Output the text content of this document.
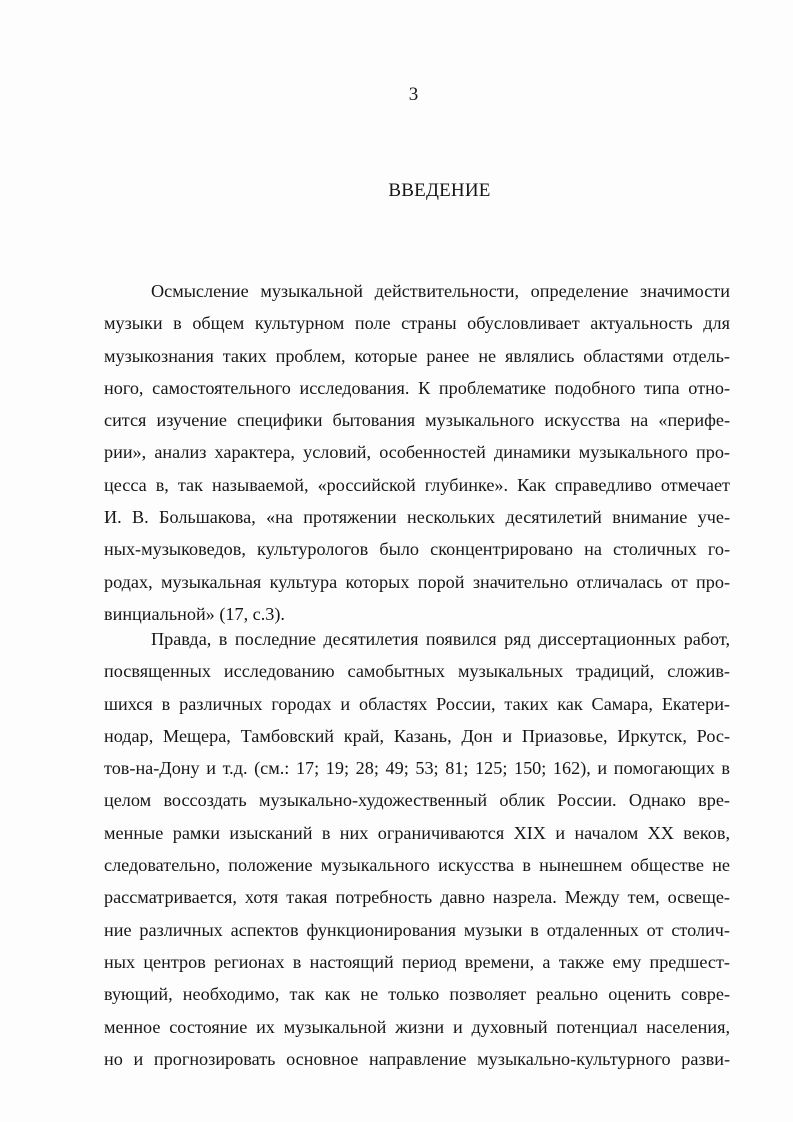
3
ВВЕДЕНИЕ
Осмысление музыкальной действительности, определение значимости
музыки в общем культурном поле страны обусловливает актуальность для
музыкознания таких проблем, которые ранее не являлись областями отдель-
ного, самостоятельного исследования. К проблематике подобного типа отно-
сится изучение специфики бытования музыкального искусства на «перифе-
рии», анализ характера, условий, особенностей динамики музыкального про-
цесса в, так называемой, «российской глубинке». Как справедливо отмечает
И. В. Большакова, «на протяжении нескольких десятилетий внимание уче-
ных-музыковедов, культурологов было сконцентрировано на столичных го-
родах, музыкальная культура которых порой значительно отличалась от про-
винциальной» (17, с.3).
Правда, в последние десятилетия появился ряд диссертационных работ,
посвященных исследованию самобытных музыкальных традиций, сложив-
шихся в различных городах и областях России, таких как Самара, Екатери-
нодар, Мещера, Тамбовский край, Казань, Дон и Приазовье, Иркутск, Рос-
тов-на-Дону и т.д. (см.: 17; 19; 28; 49; 53; 81; 125; 150; 162), и помогающих в
целом воссоздать музыкально-художественный облик России. Однако вре-
менные рамки изысканий в них ограничиваются XIX и началом XX веков,
следовательно, положение музыкального искусства в нынешнем обществе не
рассматривается, хотя такая потребность давно назрела. Между тем, освеще-
ние различных аспектов функционирования музыки в отдаленных от столич-
ных центров регионах в настоящий период времени, а также ему предшест-
вующий, необходимо, так как не только позволяет реально оценить совре-
менное состояние их музыкальной жизни и духовный потенциал населения,
но и прогнозировать основное направление музыкально-культурного разви-
